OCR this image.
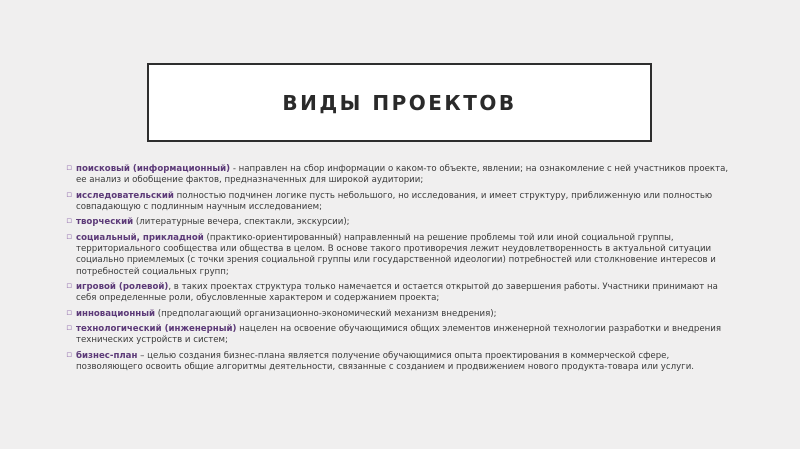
ВИДЫ ПРОЕКТОВ
▫ поисковый (информационный) - направлен на сбор информации о каком-то объекте, явлении; на ознакомление с ней участников проекта, ее анализ и обобщение фактов, предназначенных для широкой аудитории;
▫ исследовательский полностью подчинен логике пусть небольшого, но исследования, и имеет структуру, приближенную или полностью совпадающую с подлинным научным исследованием;
▫ творческий (литературные вечера, спектакли, экскурсии);
▫ социальный, прикладной (практико-ориентированный) направленный на решение проблемы той или иной социальной группы, территориального сообщества или общества в целом. В основе такого противоречия лежит неудовлетворенность в актуальной ситуации социально приемлемых (с точки зрения социальной группы или государственной идеологии) потребностей или столкновение интересов и потребностей социальных групп;
▫ игровой (ролевой), в таких проектах структура только намечается и остается открытой до завершения работы. Участники принимают на себя определенные роли, обусловленные характером и содержанием проекта;
▫ инновационный (предполагающий организационно-экономический механизм внедрения);
▫ технологический (инженерный) нацелен на освоение обучающимися общих элементов инженерной технологии разработки и внедрения технических устройств и систем;
▫ бизнес-план – целью создания бизнес-плана является получение обучающимися опыта проектирования в коммерческой сфере, позволяющего освоить общие алгоритмы деятельности, связанные с созданием и продвижением нового продукта-товара или услуги.
